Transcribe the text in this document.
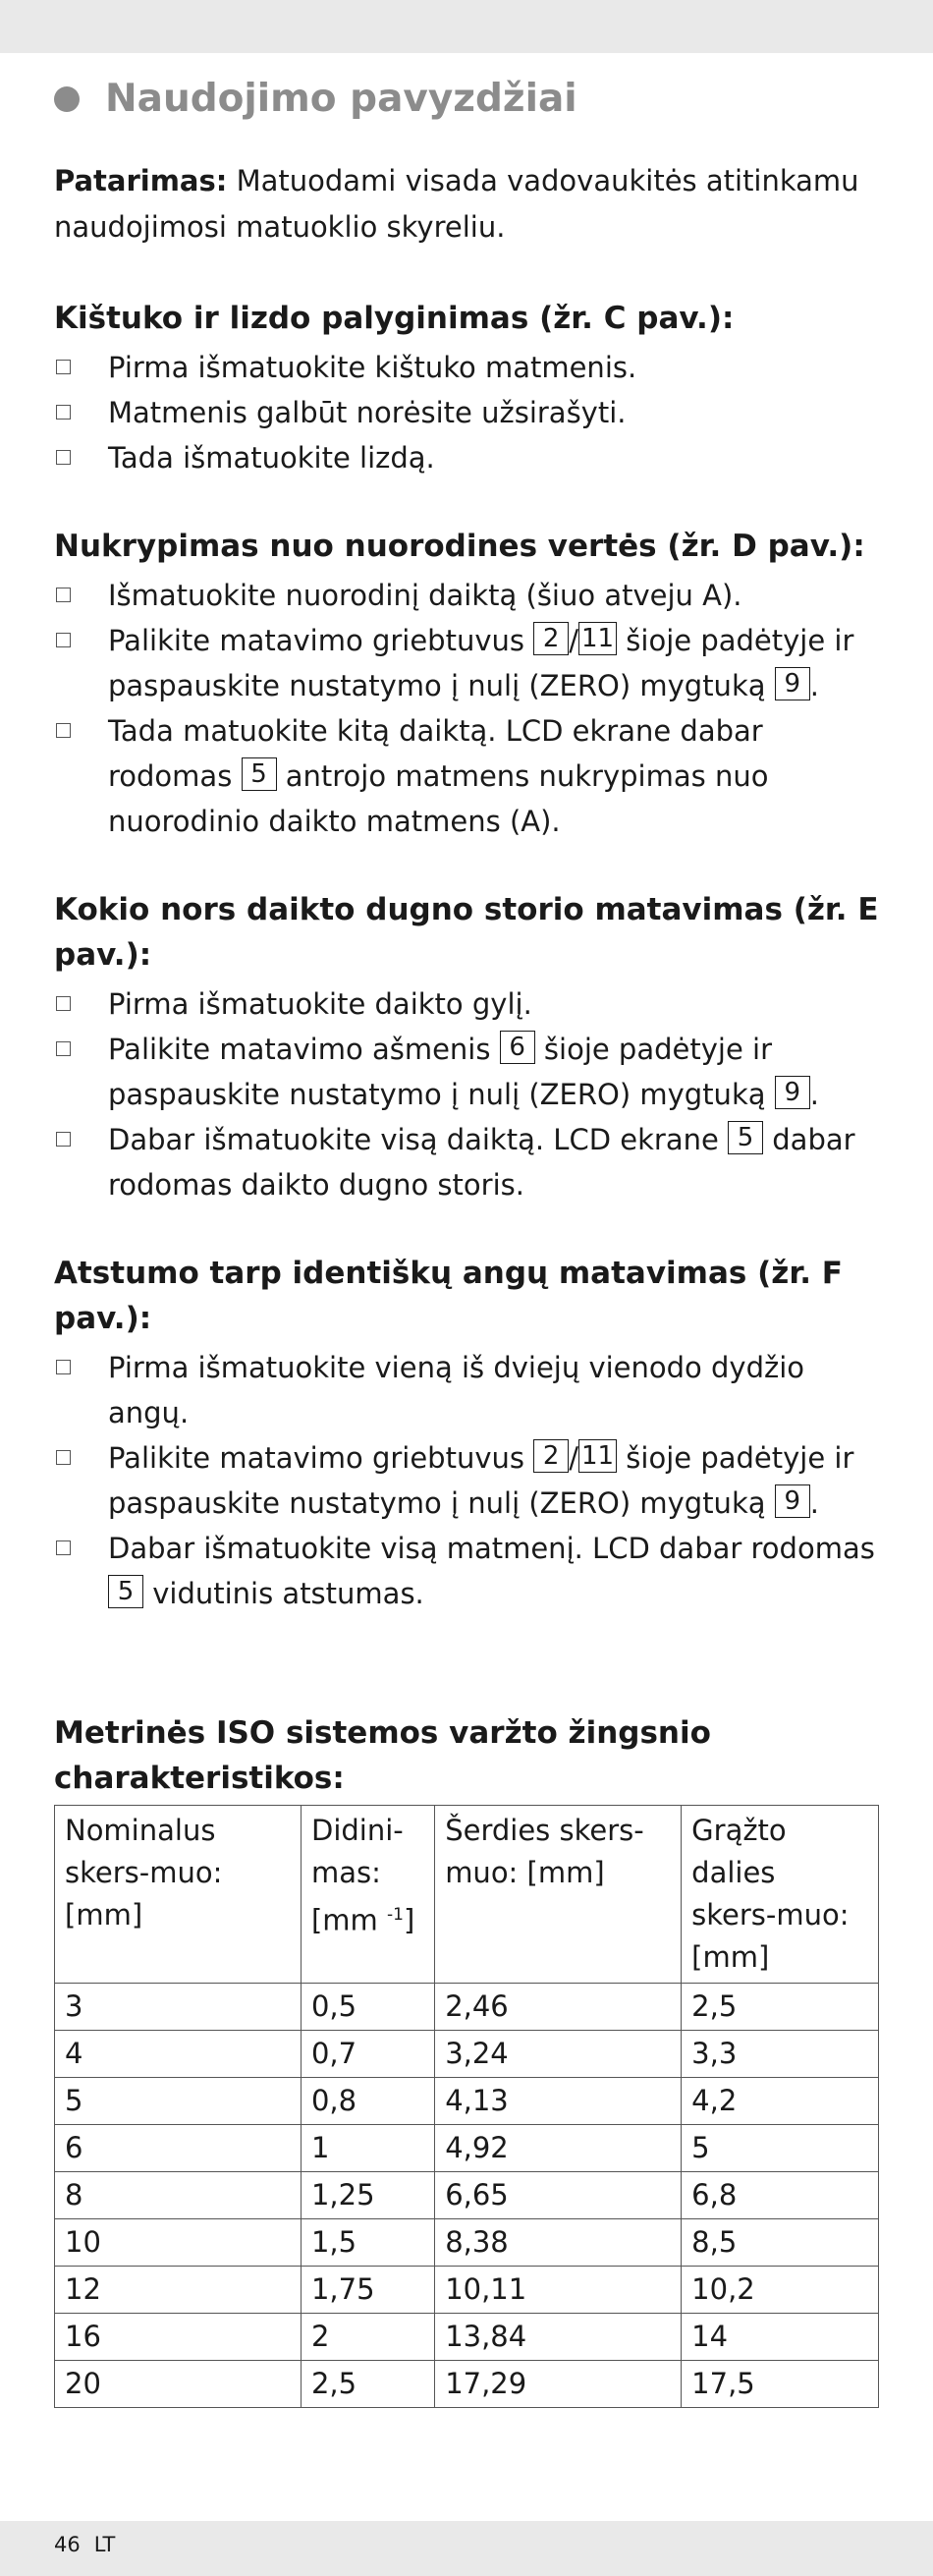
Naudojimo pavyzdžiai

Patarimas: Matuodami visada vadovaukitės atitinkamu naudojimosi matuoklio skyreliu.

Kištuko ir lizdo palyginimas (žr. C pav.):
Pirma išmatuokite kištuko matmenis.
Matmenis galbūt norėsite užsirašyti.
Tada išmatuokite lizdą.
Nukrypimas nuo nuorodines vertės (žr. D pav.):
Išmatuokite nuorodinį daiktą (šiuo atveju A).
Palikite matavimo griebtuvus 2 / 11 šioje padėtyje ir paspauskite nustatymo į nulį (ZERO) mygtuką 9 .
Tada matuokite kitą daiktą. LCD ekrane dabar rodomas 5 antrojo matmens nukrypimas nuo nuorodinio daikto matmens (A).
Kokio nors daikto dugno storio matavimas (žr. E pav.):
Pirma išmatuokite daikto gylį.
Palikite matavimo ašmenis 6 šioje padėtyje ir paspauskite nustatymo į nulį (ZERO) mygtuką 9 .
Dabar išmatuokite visą daiktą. LCD ekrane 5 dabar rodomas daikto dugno storis.
Atstumo tarp identiškų angų matavimas (žr. F pav.):
Pirma išmatuokite vieną iš dviejų vienodo dydžio angų.
Palikite matavimo griebtuvus 2 / 11 šioje padėtyje ir paspauskite nustatymo į nulį (ZERO) mygtuką 9 .
Dabar išmatuokite visą matmenį. LCD dabar rodomas 5 vidutinis atstumas.
Metrinės ISO sistemos varžto žingsnio charakteristikos:
Nominalus skers-muo: [mm]	Didini-mas: [mm $^{-1}$]	Šerdies skers-muo: [mm]	Grąžto dalies skers-muo: [mm]
3	0,5	2,46	2,5
4	0,7	3,24	3,3
5	0,8	4,13	4,2
6	1	4,92	5
8	1,25	6,65	6,8
10	1,5	8,38	8,5
12	1,75	10,11	10,2
16	2	13,84	14
20	2,5	17,29	17,5
46 LT
